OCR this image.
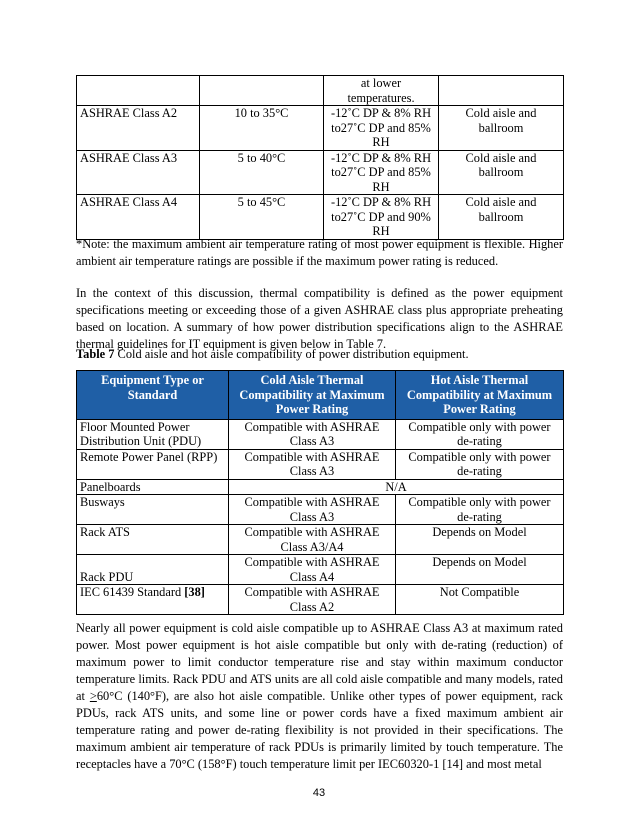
		at lower temperatures.	
ASHRAE Class A2	10 to 35°C	-12˚C DP & 8% RH to27˚C DP and 85% RH	Cold aisle and ballroom
ASHRAE Class A3	5 to 40°C	-12˚C DP & 8% RH to27˚C DP and 85% RH	Cold aisle and ballroom
ASHRAE Class A4	5 to 45°C	-12˚C DP & 8% RH to27˚C DP and 90% RH	Cold aisle and ballroom
*Note: the maximum ambient air temperature rating of most power equipment is flexible. Higher ambient air temperature ratings are possible if the maximum power rating is reduced.
In the context of this discussion, thermal compatibility is defined as the power equipment specifications meeting or exceeding those of a given ASHRAE class plus appropriate preheating based on location. A summary of how power distribution specifications align to the ASHRAE thermal guidelines for IT equipment is given below in Table 7.
Table 7 Cold aisle and hot aisle compatibility of power distribution equipment.
Equipment Type or Standard	Cold Aisle Thermal Compatibility at Maximum Power Rating	Hot Aisle Thermal Compatibility at Maximum Power Rating
Floor Mounted Power Distribution Unit (PDU)	Compatible with ASHRAE Class A3	Compatible only with power de-rating
Remote Power Panel (RPP)	Compatible with ASHRAE Class A3	Compatible only with power de-rating
Panelboards	N/A	
Busways	Compatible with ASHRAE Class A3	Compatible only with power de-rating
Rack ATS	Compatible with ASHRAE Class A3/A4	Depends on Model
Rack PDU	Compatible with ASHRAE Class A4	Depends on Model
IEC 61439 Standard [38]	Compatible with ASHRAE Class A2	Not Compatible
Nearly all power equipment is cold aisle compatible up to ASHRAE Class A3 at maximum rated power. Most power equipment is hot aisle compatible but only with de-rating (reduction) of maximum power to limit conductor temperature rise and stay within maximum conductor temperature limits. Rack PDU and ATS units are all cold aisle compatible and many models, rated at ≥60°C (140°F), are also hot aisle compatible. Unlike other types of power equipment, rack PDUs, rack ATS units, and some line or power cords have a fixed maximum ambient air temperature rating and power de-rating flexibility is not provided in their specifications. The maximum ambient air temperature of rack PDUs is primarily limited by touch temperature. The receptacles have a 70°C (158°F) touch temperature limit per IEC60320-1 [14] and most metal
43
